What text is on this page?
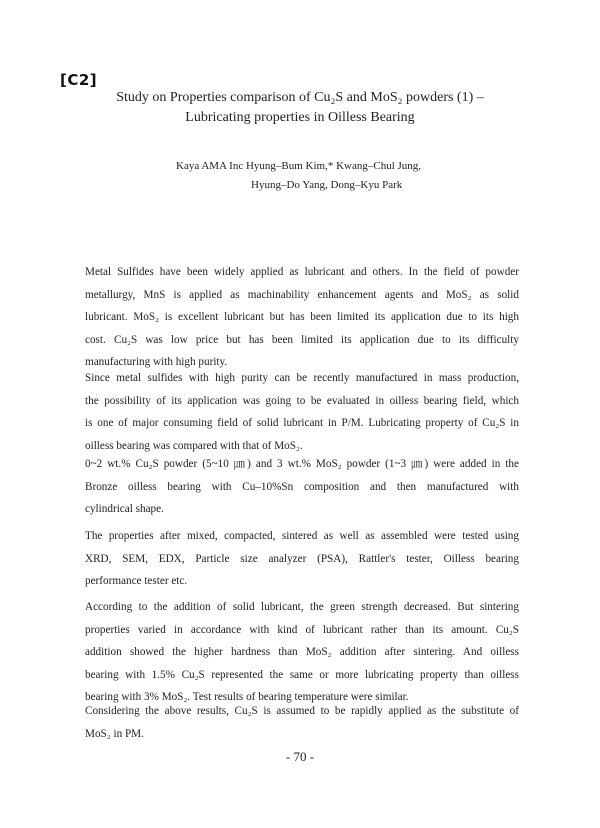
[C2]
Study on Properties comparison of Cu₂S and MoS₂ powders (1) –
Lubricating properties in Oilless Bearing
Kaya AMA Inc Hyung–Bum Kim,* Kwang–Chul Jung,
Hyung–Do Yang, Dong–Kyu Park
Metal Sulfides have been widely applied as lubricant and others. In the field of powder
metallurgy, MnS is applied as machinability enhancement agents and MoS₂ as solid
lubricant. MoS₂ is excellent lubricant but has been limited its application due to its high
cost. Cu₂S was low price but has been limited its application due to its difficulty
manufacturing with high purity.
Since metal sulfides with high purity can be recently manufactured in mass production,
the possibility of its application was going to be evaluated in oilless bearing field, which
is one of major consuming field of solid lubricant in P/M. Lubricating property of Cu₂S in
oilless bearing was compared with that of MoS₂.
0~2 wt.% Cu₂S powder (5~10 ㎛) and 3 wt.% MoS₂ powder (1~3 ㎛) were added in the
Bronze oilless bearing with Cu–10%Sn composition and then manufactured with
cylindrical shape.
The properties after mixed, compacted, sintered as well as assembled were tested using
XRD, SEM, EDX, Particle size analyzer (PSA), Rattler's tester, Oilless bearing
performance tester etc.
According to the addition of solid lubricant, the green strength decreased. But sintering
properties varied in accordance with kind of lubricant rather than its amount. Cu₂S
addition showed the higher hardness than MoS₂ addition after sintering. And oilless
bearing with 1.5% Cu₂S represented the same or more lubricating property than oilless
bearing with 3% MoS₂. Test results of bearing temperature were similar.
Considering the above results, Cu₂S is assumed to be rapidly applied as the substitute of
MoS₂ in PM.
- 70 -
